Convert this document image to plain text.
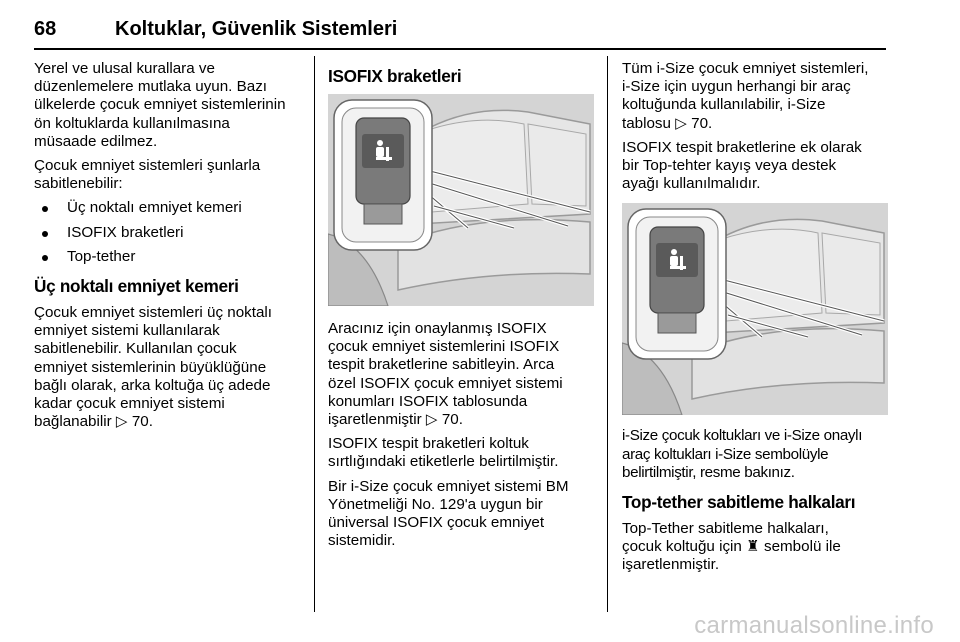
68	Koltuklar, Güvenlik Sistemleri

Yerel ve ulusal kurallara ve
düzenlemelere mutlaka uyun. Bazı
ülkelerde çocuk emniyet sistemlerinin
ön koltuklarda kullanılmasına
müsaade edilmez.

Çocuk emniyet sistemleri şunlarla
sabitlenebilir:

Üç noktalı emniyet kemeri
ISOFIX braketleri
Top-tether
Üç noktalı emniyet kemeri

Çocuk emniyet sistemleri üç noktalı
emniyet sistemi kullanılarak
sabitlenebilir. Kullanılan çocuk
emniyet sistemlerinin büyüklüğüne
bağlı olarak, arka koltuğa üç adede
kadar çocuk emniyet sistemi
bağlanabilir ▷ 70.

ISOFIX braketleri

Aracınız için onaylanmış ISOFIX
çocuk emniyet sistemlerini ISOFIX
tespit braketlerine sabitleyin. Arca
özel ISOFIX çocuk emniyet sistemi
konumları ISOFIX tablosunda
işaretlenmiştir ▷ 70.

ISOFIX tespit braketleri koltuk
sırtlığındaki etiketlerle belirtilmiştir.

Bir i-Size çocuk emniyet sistemi BM
Yönetmeliği No. 129'a uygun bir
üniversal ISOFIX çocuk emniyet
sistemidir.

Tüm i-Size çocuk emniyet sistemleri,
i-Size için uygun herhangi bir araç
koltuğunda kullanılabilir, i-Size
tablosu ▷ 70.

ISOFIX tespit braketlerine ek olarak
bir Top-tehter kayış veya destek
ayağı kullanılmalıdır.

i-Size çocuk koltukları ve i-Size onaylı
araç koltukları i-Size sembolüyle
belirtilmiştir, resme bakınız.

Top-tether sabitleme halkaları

Top-Tether sabitleme halkaları,
çocuk koltuğu için ♜ sembolü ile
işaretlenmiştir.

carmanualsonline.info
